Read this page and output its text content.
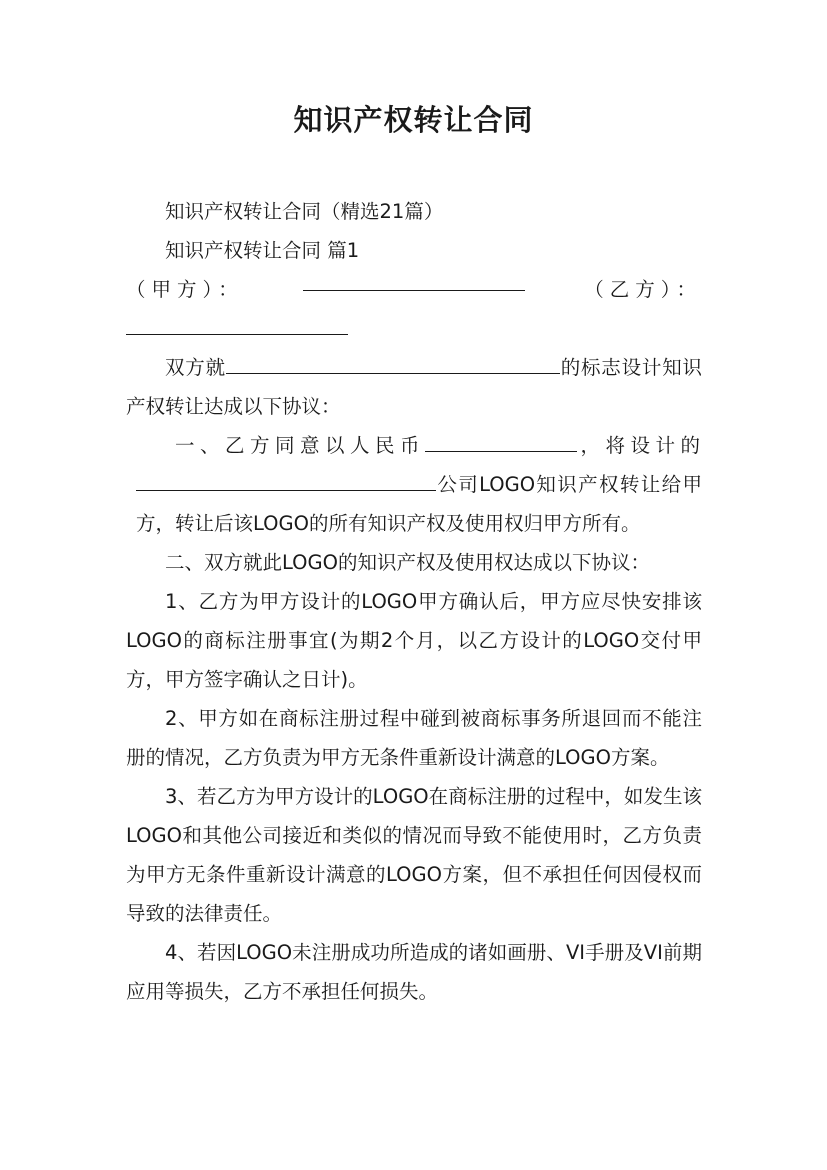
知识产权转让合同

知识产权转让合同（精选21篇）

知识产权转让合同 篇1

（甲方）：	（乙方）：

双方就	的标志设计知识产权转让达成以下协议：

一、乙方同意以人民币	，将设计的公司LOGO知识产权转让给甲方，转让后该LOGO的所有知识产权及使用权归甲方所有。

二、双方就此LOGO的知识产权及使用权达成以下协议：

1、乙方为甲方设计的LOGO甲方确认后，甲方应尽快安排该LOGO的商标注册事宜(为期2个月，以乙方设计的LOGO交付甲方，甲方签字确认之日计)。

2、甲方如在商标注册过程中碰到被商标事务所退回而不能注册的情况，乙方负责为甲方无条件重新设计满意的LOGO方案。

3、若乙方为甲方设计的LOGO在商标注册的过程中，如发生该LOGO和其他公司接近和类似的情况而导致不能使用时，乙方负责为甲方无条件重新设计满意的LOGO方案，但不承担任何因侵权而导致的法律责任。

4、若因LOGO未注册成功所造成的诸如画册、VI手册及VI前期应用等损失，乙方不承担任何损失。
